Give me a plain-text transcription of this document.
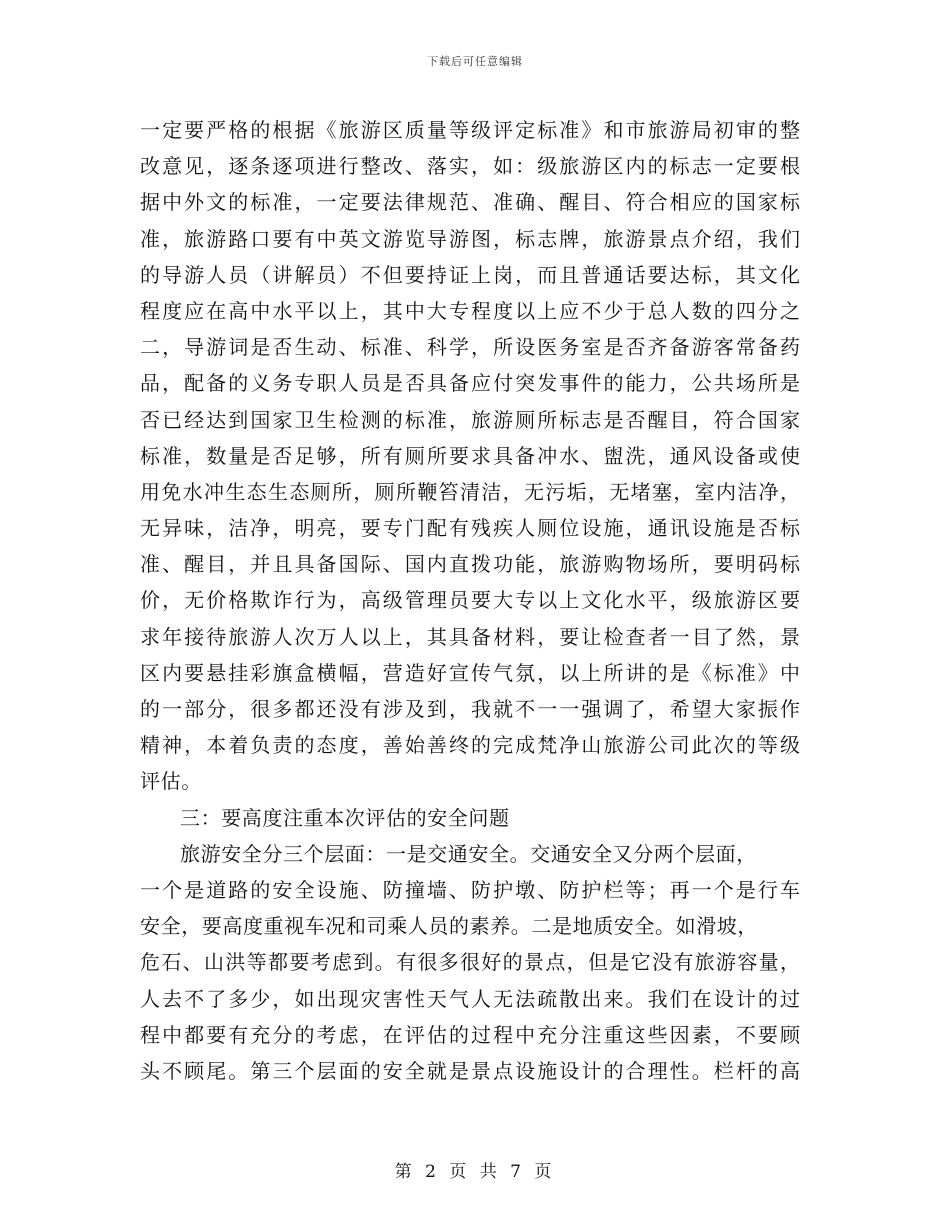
下载后可任意编辑
一定要严格的根据《旅游区质量等级评定标准》和市旅游局初审的整
改意见，逐条逐项进行整改、落实，如：级旅游区内的标志一定要根
据中外文的标准，一定要法律规范、准确、醒目、符合相应的国家标
准，旅游路口要有中英文游览导游图，标志牌，旅游景点介绍，我们
的导游人员（讲解员）不但要持证上岗，而且普通话要达标，其文化
程度应在高中水平以上，其中大专程度以上应不少于总人数的四分之
二，导游词是否生动、标准、科学，所设医务室是否齐备游客常备药
品，配备的义务专职人员是否具备应付突发事件的能力，公共场所是
否已经达到国家卫生检测的标准，旅游厕所标志是否醒目，符合国家
标准，数量是否足够，所有厕所要求具备冲水、盥洗，通风设备或使
用免水冲生态生态厕所，厕所鞭笞清洁，无污垢，无堵塞，室内洁净，
无异味，洁净，明亮，要专门配有残疾人厕位设施，通讯设施是否标
准、醒目，并且具备国际、国内直拨功能，旅游购物场所，要明码标
价，无价格欺诈行为，高级管理员要大专以上文化水平，级旅游区要
求年接待旅游人次万人以上，其具备材料，要让检查者一目了然，景
区内要悬挂彩旗盒横幅，营造好宣传气氛，以上所讲的是《标准》中
的一部分，很多都还没有涉及到，我就不一一强调了，希望大家振作
精神，本着负责的态度，善始善终的完成梵净山旅游公司此次的等级
评估。
三：要高度注重本次评估的安全问题
旅游安全分三个层面：一是交通安全。交通安全又分两个层面，
一个是道路的安全设施、防撞墙、防护墩、防护栏等；再一个是行车
安全，要高度重视车况和司乘人员的素养。二是地质安全。如滑坡，
危石、山洪等都要考虑到。有很多很好的景点，但是它没有旅游容量，
人去不了多少，如出现灾害性天气人无法疏散出来。我们在设计的过
程中都要有充分的考虑，在评估的过程中充分注重这些因素，不要顾
头不顾尾。第三个层面的安全就是景点设施设计的合理性。栏杆的高
第 2 页 共 7 页
